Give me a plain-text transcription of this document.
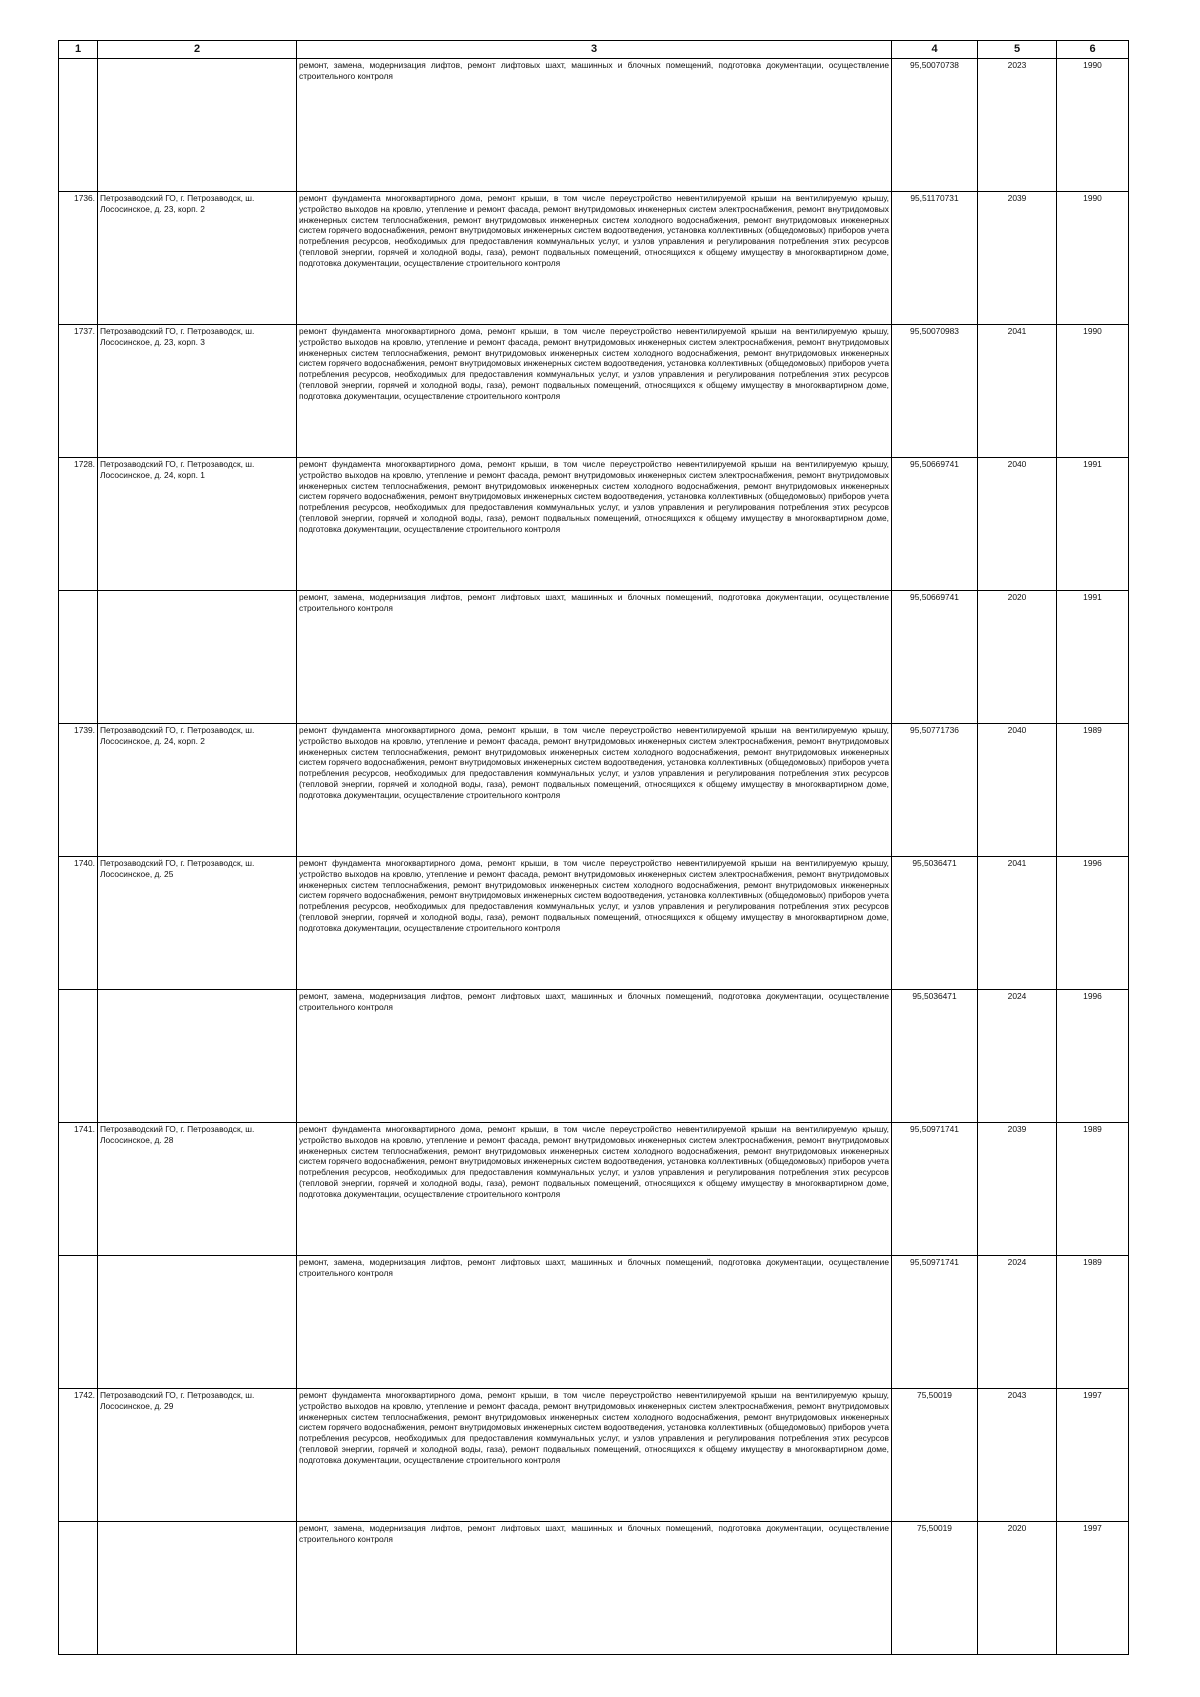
1	2	3	4	5	6
		ремонт, замена, модернизация лифтов, ремонт лифтовых шахт, машинных и блочных помещений, подготовка документации, осуществление строительного контроля	95,50070738	2023	1990
1736.	Петрозаводский ГО, г. Петрозаводск, ш. Лососинское, д. 23, корп. 2	ремонт фундамента многоквартирного дома, ремонт крыши, в том числе переустройство невентилируемой крыши на вентилируемую крышу, устройство выходов на кровлю, утепление и ремонт фасада, ремонт внутридомовых инженерных систем электроснабжения, ремонт внутридомовых инженерных систем теплоснабжения, ремонт внутридомовых инженерных систем холодного водоснабжения, ремонт внутридомовых инженерных систем горячего водоснабжения, ремонт внутридомовых инженерных систем водоотведения, установка коллективных (общедомовых) приборов учета потребления ресурсов, необходимых для предоставления коммунальных услуг, и узлов управления и регулирования потребления этих ресурсов (тепловой энергии, горячей и холодной воды, газа), ремонт подвальных помещений, относящихся к общему имуществу в многоквартирном доме, подготовка документации, осуществление строительного контроля	95,51170731	2039	1990
1737.	Петрозаводский ГО, г. Петрозаводск, ш. Лососинское, д. 23, корп. 3	ремонт фундамента многоквартирного дома, ремонт крыши, в том числе переустройство невентилируемой крыши на вентилируемую крышу, устройство выходов на кровлю, утепление и ремонт фасада, ремонт внутридомовых инженерных систем электроснабжения, ремонт внутридомовых инженерных систем теплоснабжения, ремонт внутридомовых инженерных систем холодного водоснабжения, ремонт внутридомовых инженерных систем горячего водоснабжения, ремонт внутридомовых инженерных систем водоотведения, установка коллективных (общедомовых) приборов учета потребления ресурсов, необходимых для предоставления коммунальных услуг, и узлов управления и регулирования потребления этих ресурсов (тепловой энергии, горячей и холодной воды, газа), ремонт подвальных помещений, относящихся к общему имуществу в многоквартирном доме, подготовка документации, осуществление строительного контроля	95,50070983	2041	1990
1728.	Петрозаводский ГО, г. Петрозаводск, ш. Лососинское, д. 24, корп. 1	ремонт фундамента многоквартирного дома, ремонт крыши, в том числе переустройство невентилируемой крыши на вентилируемую крышу, устройство выходов на кровлю, утепление и ремонт фасада, ремонт внутридомовых инженерных систем электроснабжения, ремонт внутридомовых инженерных систем теплоснабжения, ремонт внутридомовых инженерных систем холодного водоснабжения, ремонт внутридомовых инженерных систем горячего водоснабжения, ремонт внутридомовых инженерных систем водоотведения, установка коллективных (общедомовых) приборов учета потребления ресурсов, необходимых для предоставления коммунальных услуг, и узлов управления и регулирования потребления этих ресурсов (тепловой энергии, горячей и холодной воды, газа), ремонт подвальных помещений, относящихся к общему имуществу в многоквартирном доме, подготовка документации, осуществление строительного контроля	95,50669741	2040	1991
		ремонт, замена, модернизация лифтов, ремонт лифтовых шахт, машинных и блочных помещений, подготовка документации, осуществление строительного контроля	95,50669741	2020	1991
1739.	Петрозаводский ГО, г. Петрозаводск, ш. Лососинское, д. 24, корп. 2	ремонт фундамента многоквартирного дома, ремонт крыши, в том числе переустройство невентилируемой крыши на вентилируемую крышу, устройство выходов на кровлю, утепление и ремонт фасада, ремонт внутридомовых инженерных систем электроснабжения, ремонт внутридомовых инженерных систем теплоснабжения, ремонт внутридомовых инженерных систем холодного водоснабжения, ремонт внутридомовых инженерных систем горячего водоснабжения, ремонт внутридомовых инженерных систем водоотведения, установка коллективных (общедомовых) приборов учета потребления ресурсов, необходимых для предоставления коммунальных услуг, и узлов управления и регулирования потребления этих ресурсов (тепловой энергии, горячей и холодной воды, газа), ремонт подвальных помещений, относящихся к общему имуществу в многоквартирном доме, подготовка документации, осуществление строительного контроля	95,50771736	2040	1989
1740.	Петрозаводский ГО, г. Петрозаводск, ш. Лососинское, д. 25	ремонт фундамента многоквартирного дома, ремонт крыши, в том числе переустройство невентилируемой крыши на вентилируемую крышу, устройство выходов на кровлю, утепление и ремонт фасада, ремонт внутридомовых инженерных систем электроснабжения, ремонт внутридомовых инженерных систем теплоснабжения, ремонт внутридомовых инженерных систем холодного водоснабжения, ремонт внутридомовых инженерных систем горячего водоснабжения, ремонт внутридомовых инженерных систем водоотведения, установка коллективных (общедомовых) приборов учета потребления ресурсов, необходимых для предоставления коммунальных услуг, и узлов управления и регулирования потребления этих ресурсов (тепловой энергии, горячей и холодной воды, газа), ремонт подвальных помещений, относящихся к общему имуществу в многоквартирном доме, подготовка документации, осуществление строительного контроля	95,5036471	2041	1996
		ремонт, замена, модернизация лифтов, ремонт лифтовых шахт, машинных и блочных помещений, подготовка документации, осуществление строительного контроля	95,5036471	2024	1996
1741.	Петрозаводский ГО, г. Петрозаводск, ш. Лососинское, д. 28	ремонт фундамента многоквартирного дома, ремонт крыши, в том числе переустройство невентилируемой крыши на вентилируемую крышу, устройство выходов на кровлю, утепление и ремонт фасада, ремонт внутридомовых инженерных систем электроснабжения, ремонт внутридомовых инженерных систем теплоснабжения, ремонт внутридомовых инженерных систем холодного водоснабжения, ремонт внутридомовых инженерных систем горячего водоснабжения, ремонт внутридомовых инженерных систем водоотведения, установка коллективных (общедомовых) приборов учета потребления ресурсов, необходимых для предоставления коммунальных услуг, и узлов управления и регулирования потребления этих ресурсов (тепловой энергии, горячей и холодной воды, газа), ремонт подвальных помещений, относящихся к общему имуществу в многоквартирном доме, подготовка документации, осуществление строительного контроля	95,50971741	2039	1989
		ремонт, замена, модернизация лифтов, ремонт лифтовых шахт, машинных и блочных помещений, подготовка документации, осуществление строительного контроля	95,50971741	2024	1989
1742.	Петрозаводский ГО, г. Петрозаводск, ш. Лососинское, д. 29	ремонт фундамента многоквартирного дома, ремонт крыши, в том числе переустройство невентилируемой крыши на вентилируемую крышу, устройство выходов на кровлю, утепление и ремонт фасада, ремонт внутридомовых инженерных систем электроснабжения, ремонт внутридомовых инженерных систем теплоснабжения, ремонт внутридомовых инженерных систем холодного водоснабжения, ремонт внутридомовых инженерных систем горячего водоснабжения, ремонт внутридомовых инженерных систем водоотведения, установка коллективных (общедомовых) приборов учета потребления ресурсов, необходимых для предоставления коммунальных услуг, и узлов управления и регулирования потребления этих ресурсов (тепловой энергии, горячей и холодной воды, газа), ремонт подвальных помещений, относящихся к общему имуществу в многоквартирном доме, подготовка документации, осуществление строительного контроля	75,50019	2043	1997
		ремонт, замена, модернизация лифтов, ремонт лифтовых шахт, машинных и блочных помещений, подготовка документации, осуществление строительного контроля	75,50019	2020	1997
